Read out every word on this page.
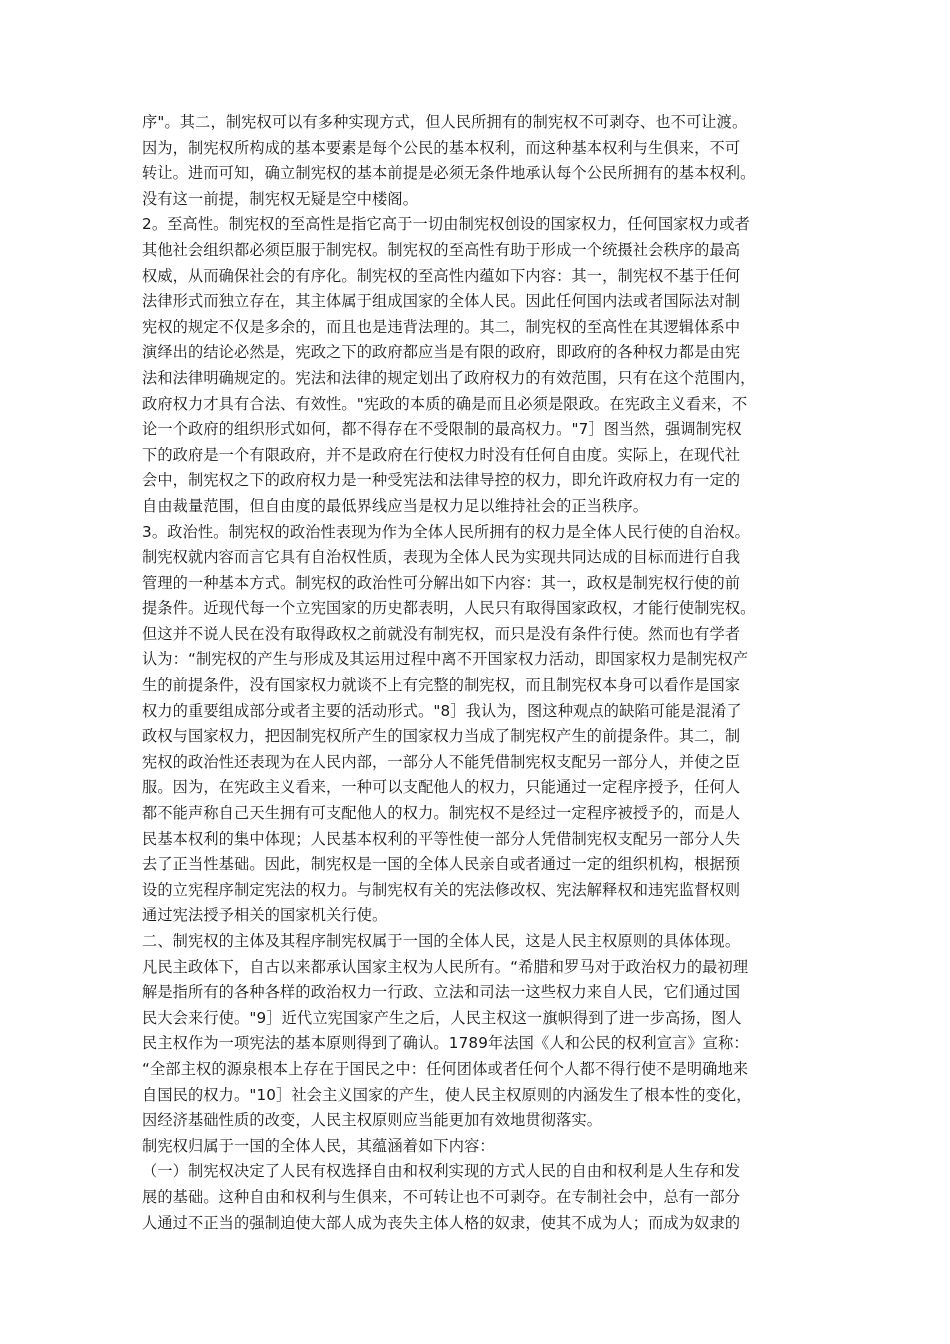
序"。其二，制宪权可以有多种实现方式，但人民所拥有的制宪权不可剥夺、也不可让渡。
因为，制宪权所构成的基本要素是每个公民的基本权利，而这种基本权利与生俱来，不可
转让。进而可知，确立制宪权的基本前提是必须无条件地承认每个公民所拥有的基本权利。
没有这一前提，制宪权无疑是空中楼阁。
2。至高性。制宪权的至高性是指它高于一切由制宪权创设的国家权力，任何国家权力或者
其他社会组织都必须臣服于制宪权。制宪权的至高性有助于形成一个统摄社会秩序的最高
权威，从而确保社会的有序化。制宪权的至高性内蕴如下内容：其一，制宪权不基于任何
法律形式而独立存在，其主体属于组成国家的全体人民。因此任何国内法或者国际法对制
宪权的规定不仅是多余的，而且也是违背法理的。其二，制宪权的至高性在其逻辑体系中
演绎出的结论必然是，宪政之下的政府都应当是有限的政府，即政府的各种权力都是由宪
法和法律明确规定的。宪法和法律的规定划出了政府权力的有效范围，只有在这个范围内，
政府权力才具有合法、有效性。"宪政的本质的确是而且必须是限政。在宪政主义看来，不
论一个政府的组织形式如何，都不得存在不受限制的最高权力。"7］图当然，强调制宪权
下的政府是一个有限政府，并不是政府在行使权力时没有任何自由度。实际上，在现代社
会中，制宪权之下的政府权力是一种受宪法和法律导控的权力，即允许政府权力有一定的
自由裁量范围，但自由度的最低界线应当是权力足以维持社会的正当秩序。
3。政治性。制宪权的政治性表现为作为全体人民所拥有的权力是全体人民行使的自治权。
制宪权就内容而言它具有自治权性质，表现为全体人民为实现共同达成的目标而进行自我
管理的一种基本方式。制宪权的政治性可分解出如下内容：其一，政权是制宪权行使的前
提条件。近现代每一个立宪国家的历史都表明，人民只有取得国家政权，才能行使制宪权。
但这并不说人民在没有取得政权之前就没有制宪权，而只是没有条件行使。然而也有学者
认为：“制宪权的产生与形成及其运用过程中离不开国家权力活动，即国家权力是制宪权产
生的前提条件，没有国家权力就谈不上有完整的制宪权，而且制宪权本身可以看作是国家
权力的重要组成部分或者主要的活动形式。"8］我认为，图这种观点的缺陷可能是混淆了
政权与国家权力，把因制宪权所产生的国家权力当成了制宪权产生的前提条件。其二，制
宪权的政治性还表现为在人民内部，一部分人不能凭借制宪权支配另一部分人，并使之臣
服。因为，在宪政主义看来，一种可以支配他人的权力，只能通过一定程序授予，任何人
都不能声称自己天生拥有可支配他人的权力。制宪权不是经过一定程序被授予的，而是人
民基本权利的集中体现；人民基本权利的平等性使一部分人凭借制宪权支配另一部分人失
去了正当性基础。因此，制宪权是一国的全体人民亲自或者通过一定的组织机构，根据预
设的立宪程序制定宪法的权力。与制宪权有关的宪法修改权、宪法解释权和违宪监督权则
通过宪法授予相关的国家机关行使。
二、制宪权的主体及其程序制宪权属于一国的全体人民，这是人民主权原则的具体体现。
凡民主政体下，自古以来都承认国家主权为人民所有。“希腊和罗马对于政治权力的最初理
解是指所有的各种各样的政治权力一行政、立法和司法一这些权力来自人民，它们通过国
民大会来行使。"9］近代立宪国家产生之后，人民主权这一旗帜得到了进一步高扬，图人
民主权作为一项宪法的基本原则得到了确认。1789年法国《人和公民的权利宣言》宣称：
“全部主权的源泉根本上存在于国民之中：任何团体或者任何个人都不得行使不是明确地来
自国民的权力。"10］社会主义国家的产生，使人民主权原则的内涵发生了根本性的变化，
因经济基础性质的改变，人民主权原则应当能更加有效地贯彻落实。
制宪权归属于一国的全体人民，其蕴涵着如下内容：
（一）制宪权决定了人民有权选择自由和权利实现的方式人民的自由和权利是人生存和发
展的基础。这种自由和权利与生俱来，不可转让也不可剥夺。在专制社会中，总有一部分
人通过不正当的强制迫使大部人成为丧失主体人格的奴隶，使其不成为人；而成为奴隶的
